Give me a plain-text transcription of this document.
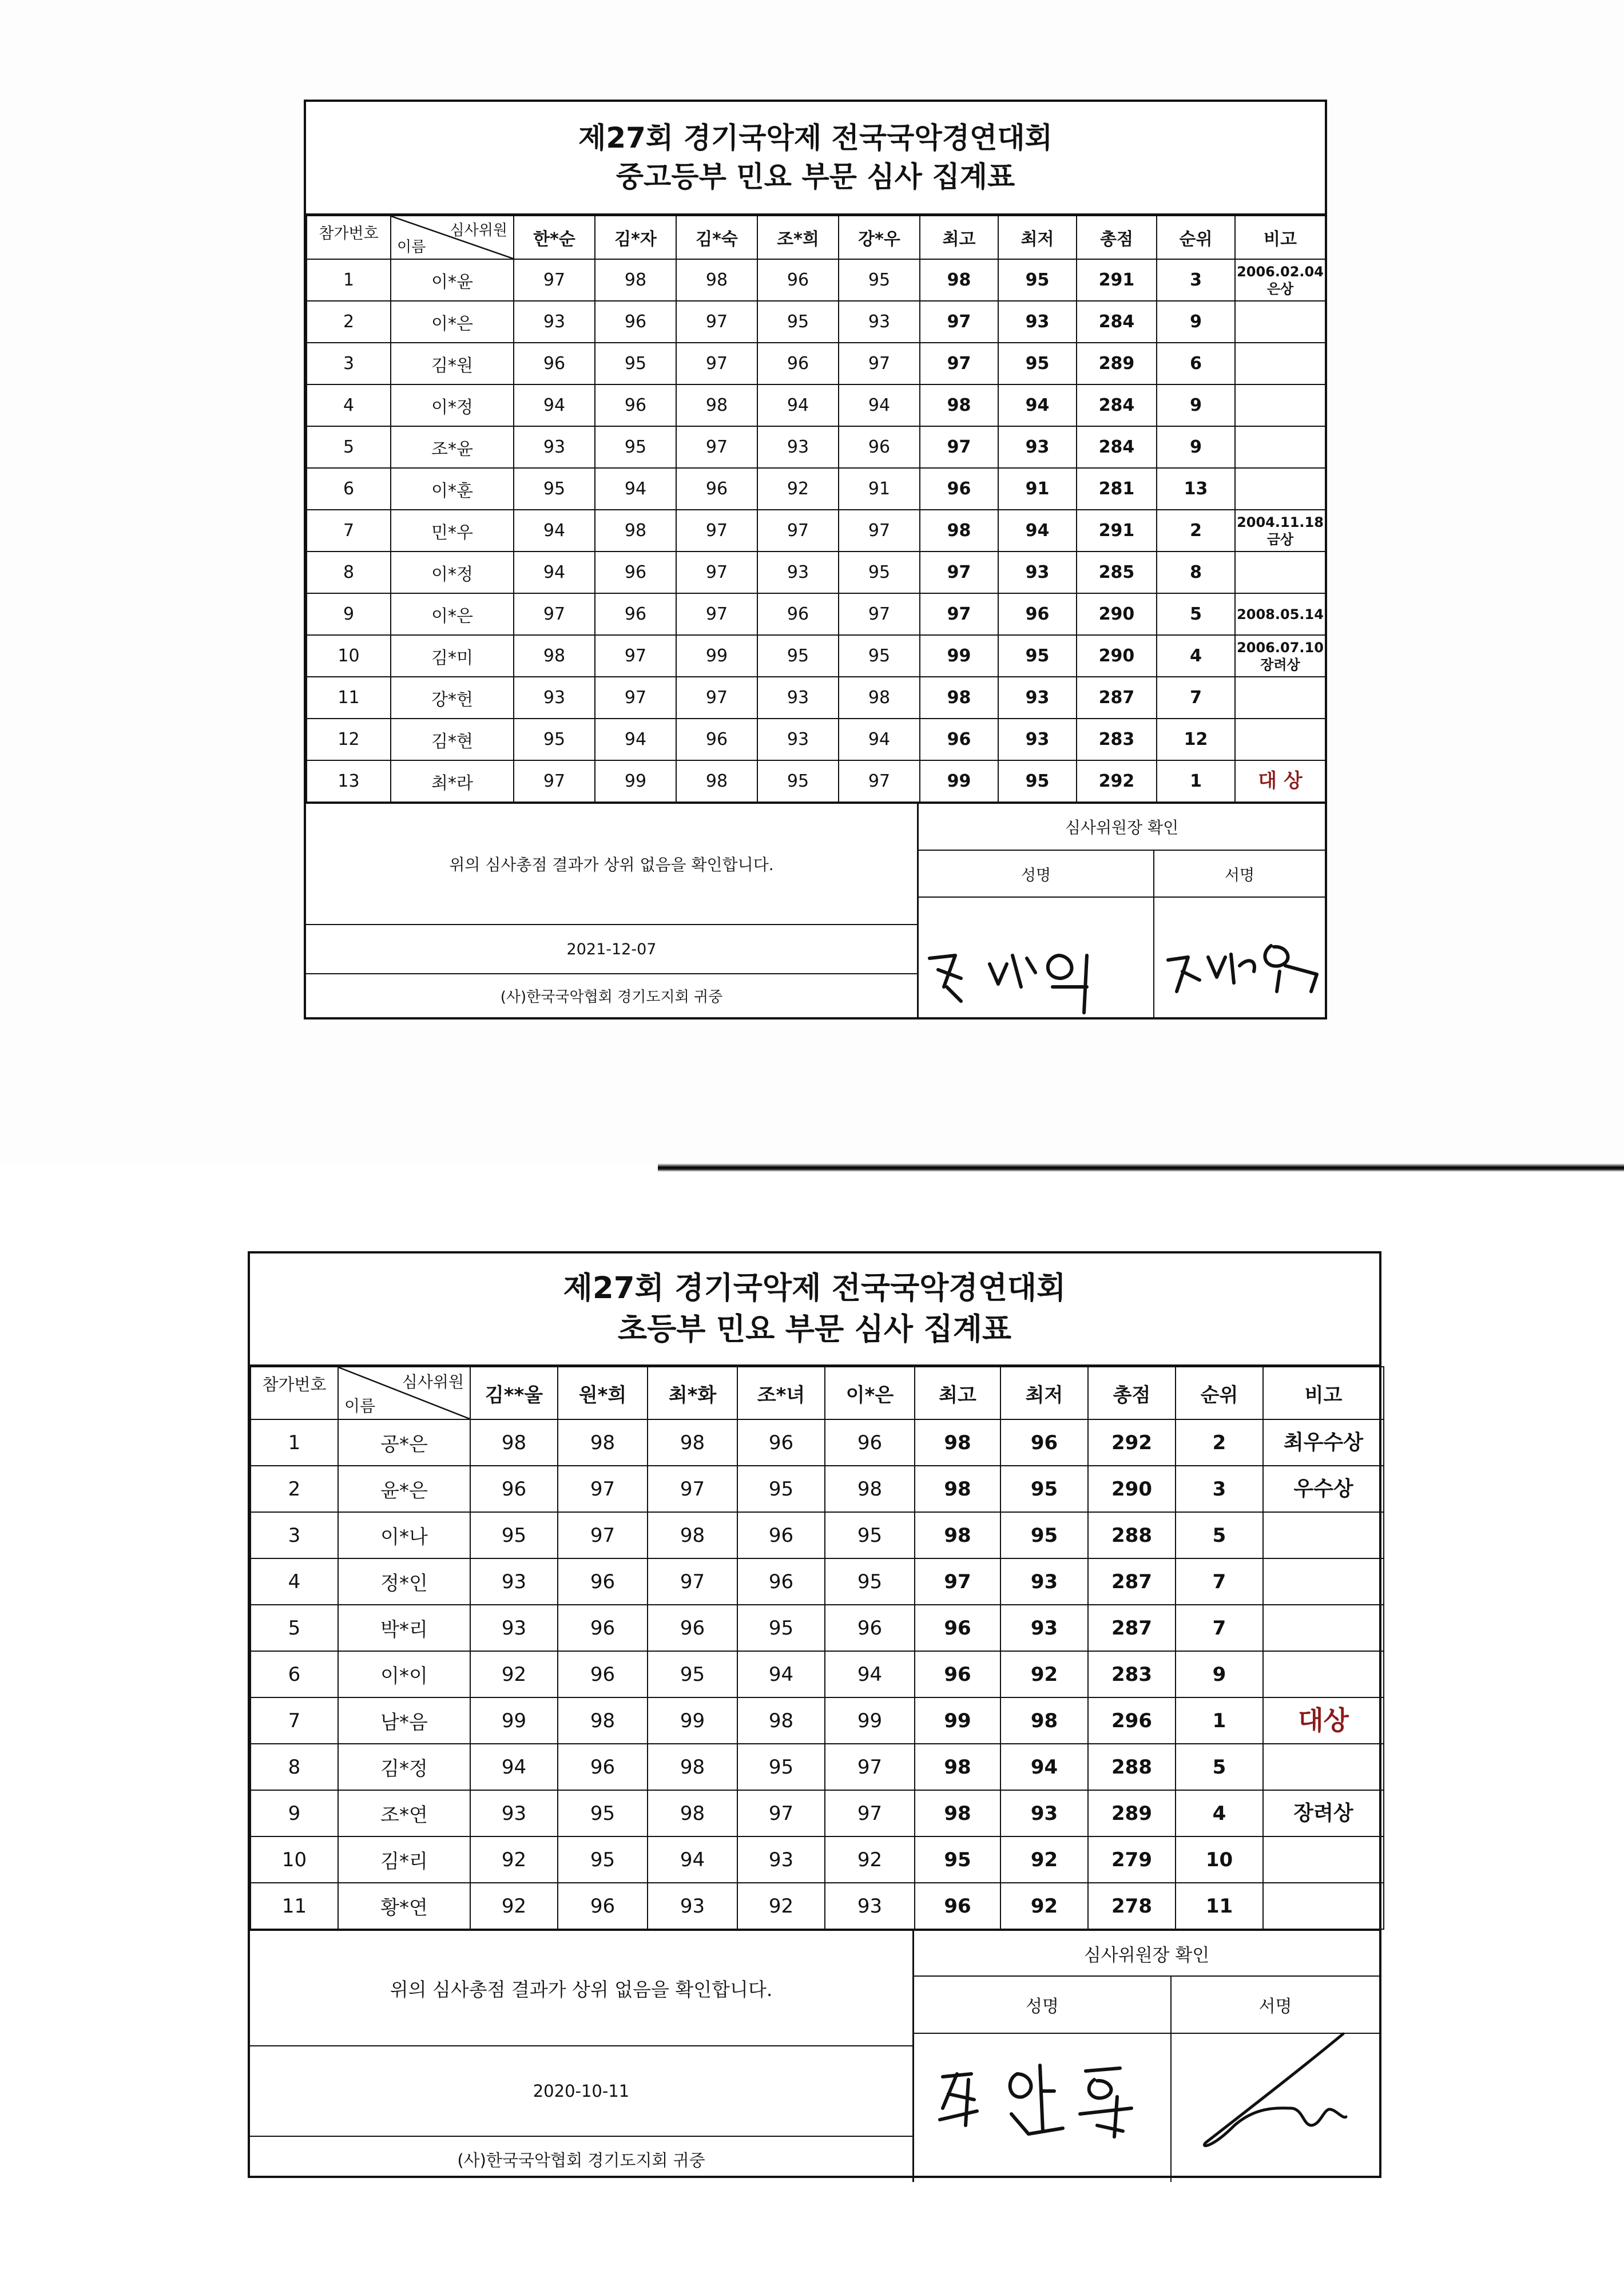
제27회 경기국악제 전국국악경연대회
중고등부 민요 부문 심사 집계표
참가번호	심사위원
이름	한*순	김*자	김*숙	조*희	강*우	최고	최저	총점	순위	비고
1	이*윤	97	98	98	96	95	98	95	291	3	2006.02.04
은상

2	이*은	93	96	97	95	93	97	93	284	9	

3	김*원	96	95	97	96	97	97	95	289	6	

4	이*정	94	96	98	94	94	98	94	284	9	

5	조*윤	93	95	97	93	96	97	93	284	9	

6	이*훈	95	94	96	92	91	96	91	281	13	

7	민*우	94	98	97	97	97	98	94	291	2	2004.11.18
금상

8	이*정	94	96	97	93	95	97	93	285	8	

9	이*은	97	96	97	96	97	97	96	290	5	2008.05.14

10	김*미	98	97	99	95	95	99	95	290	4	2006.07.10
장려상

11	강*헌	93	97	97	93	98	98	93	287	7	

12	김*현	95	94	96	93	94	96	93	283	12	

13	최*라	97	99	98	95	97	99	95	292	1	대 상
위의 심사총점 결과가 상위 없음을 확인합니다.
2021-12-07
(사)한국국악협회 경기도지회 귀중
심사위원장 확인
성명	서명
제27회 경기국악제 전국국악경연대회
초등부 민요 부문 심사 집계표
참가번호	심사위원
이름	김**울	원*희	최*화	조*녀	이*은	최고	최저	총점	순위	비고
1	공*은	98	98	98	96	96	98	96	292	2	최우수상

2	윤*은	96	97	97	95	98	98	95	290	3	우수상

3	이*나	95	97	98	96	95	98	95	288	5	

4	정*인	93	96	97	96	95	97	93	287	7	

5	박*리	93	96	96	95	96	96	93	287	7	

6	이*이	92	96	95	94	94	96	92	283	9	

7	남*음	99	98	99	98	99	99	98	296	1	대상

8	김*정	94	96	98	95	97	98	94	288	5	

9	조*연	93	95	98	97	97	98	93	289	4	장려상

10	김*리	92	95	94	93	92	95	92	279	10	

11	황*연	92	96	93	92	93	96	92	278	11	
위의 심사총점 결과가 상위 없음을 확인합니다.
2020-10-11
(사)한국국악협회 경기도지회 귀중
심사위원장 확인
성명	서명
